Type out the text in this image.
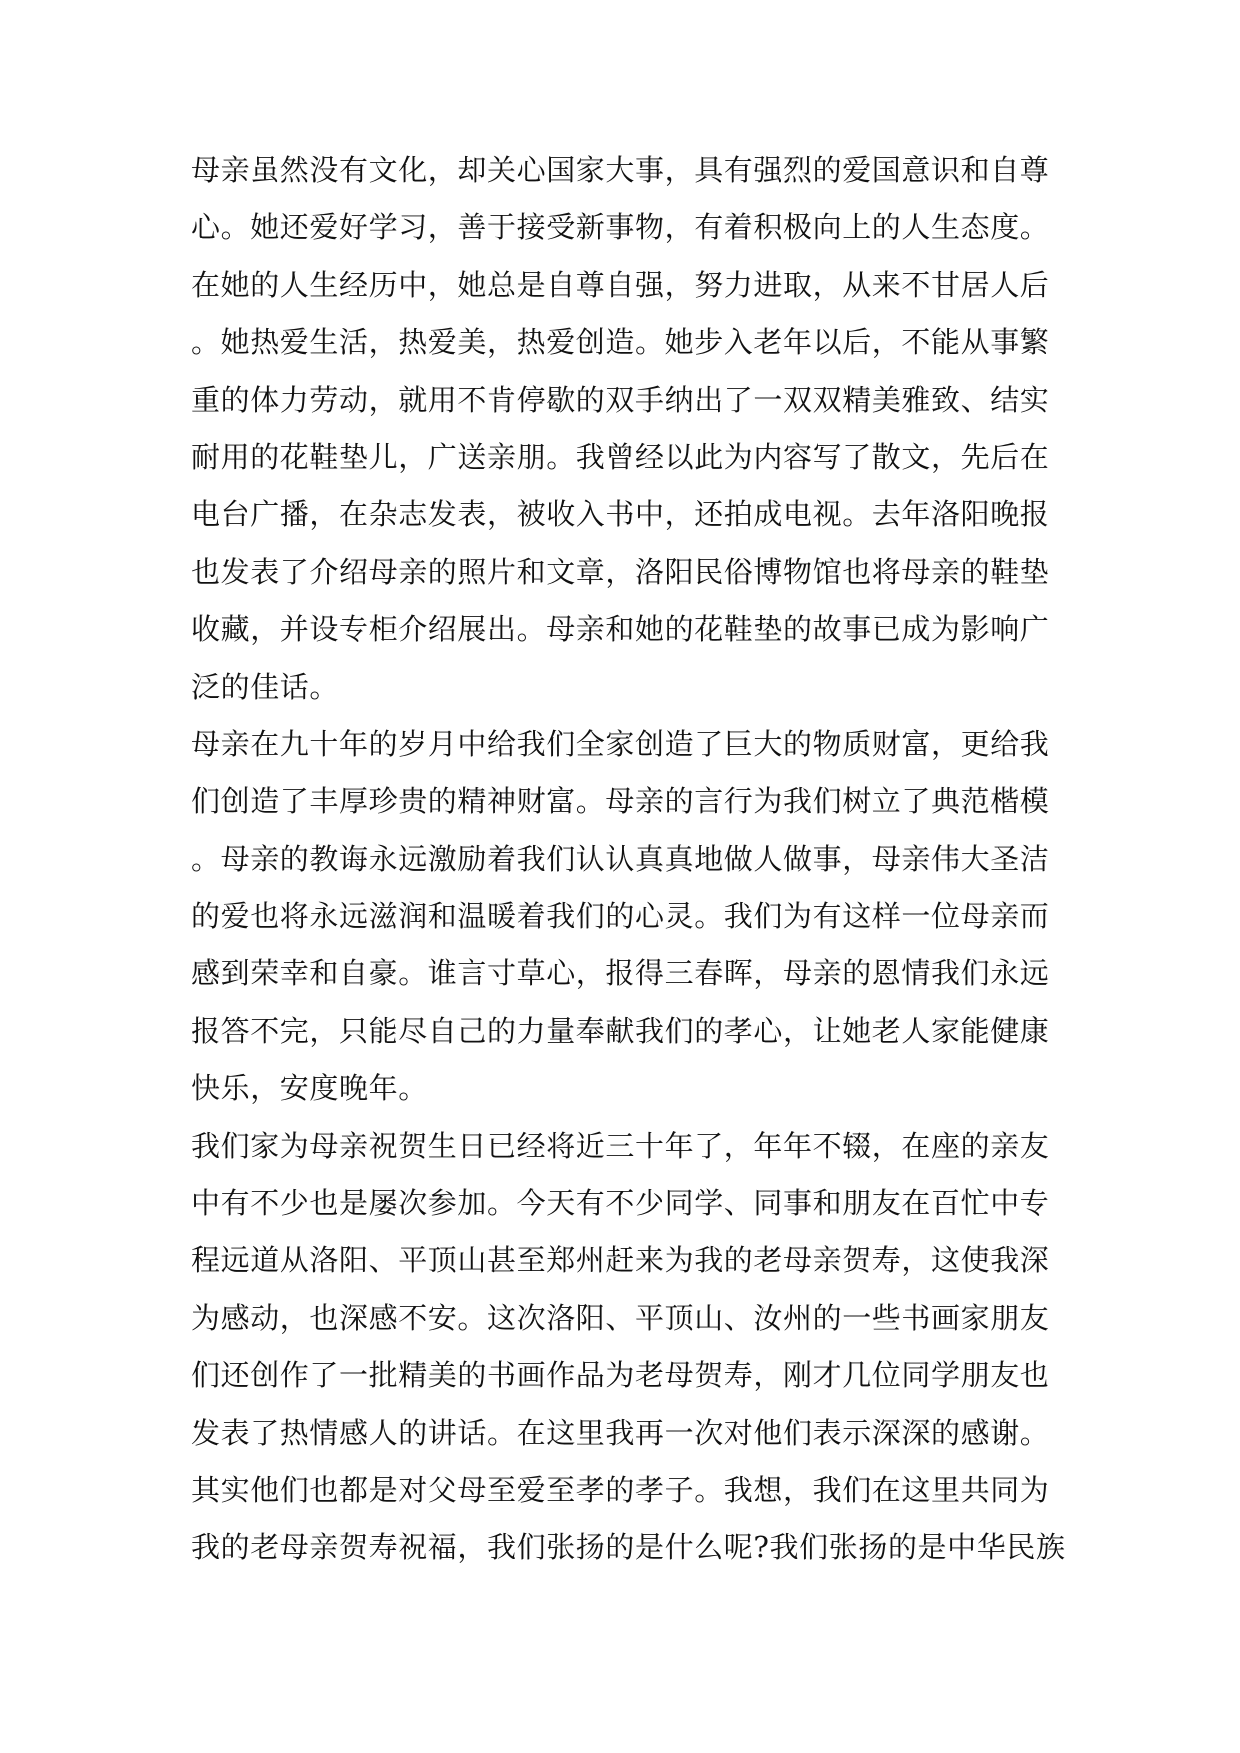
母亲虽然没有文化，却关心国家大事，具有强烈的爱国意识和自尊
心。她还爱好学习，善于接受新事物，有着积极向上的人生态度。
在她的人生经历中，她总是自尊自强，努力进取，从来不甘居人后
。她热爱生活，热爱美，热爱创造。她步入老年以后，不能从事繁
重的体力劳动，就用不肯停歇的双手纳出了一双双精美雅致、结实
耐用的花鞋垫儿，广送亲朋。我曾经以此为内容写了散文，先后在
电台广播，在杂志发表，被收入书中，还拍成电视。去年洛阳晚报
也发表了介绍母亲的照片和文章，洛阳民俗博物馆也将母亲的鞋垫
收藏，并设专柜介绍展出。母亲和她的花鞋垫的故事已成为影响广
泛的佳话。
母亲在九十年的岁月中给我们全家创造了巨大的物质财富，更给我
们创造了丰厚珍贵的精神财富。母亲的言行为我们树立了典范楷模
。母亲的教诲永远激励着我们认认真真地做人做事，母亲伟大圣洁
的爱也将永远滋润和温暖着我们的心灵。我们为有这样一位母亲而
感到荣幸和自豪。谁言寸草心，报得三春晖，母亲的恩情我们永远
报答不完，只能尽自己的力量奉献我们的孝心，让她老人家能健康
快乐，安度晚年。
我们家为母亲祝贺生日已经将近三十年了，年年不辍，在座的亲友
中有不少也是屡次参加。今天有不少同学、同事和朋友在百忙中专
程远道从洛阳、平顶山甚至郑州赶来为我的老母亲贺寿，这使我深
为感动，也深感不安。这次洛阳、平顶山、汝州的一些书画家朋友
们还创作了一批精美的书画作品为老母贺寿，刚才几位同学朋友也
发表了热情感人的讲话。在这里我再一次对他们表示深深的感谢。
其实他们也都是对父母至爱至孝的孝子。我想，我们在这里共同为
我的老母亲贺寿祝福，我们张扬的是什么呢?我们张扬的是中华民族
